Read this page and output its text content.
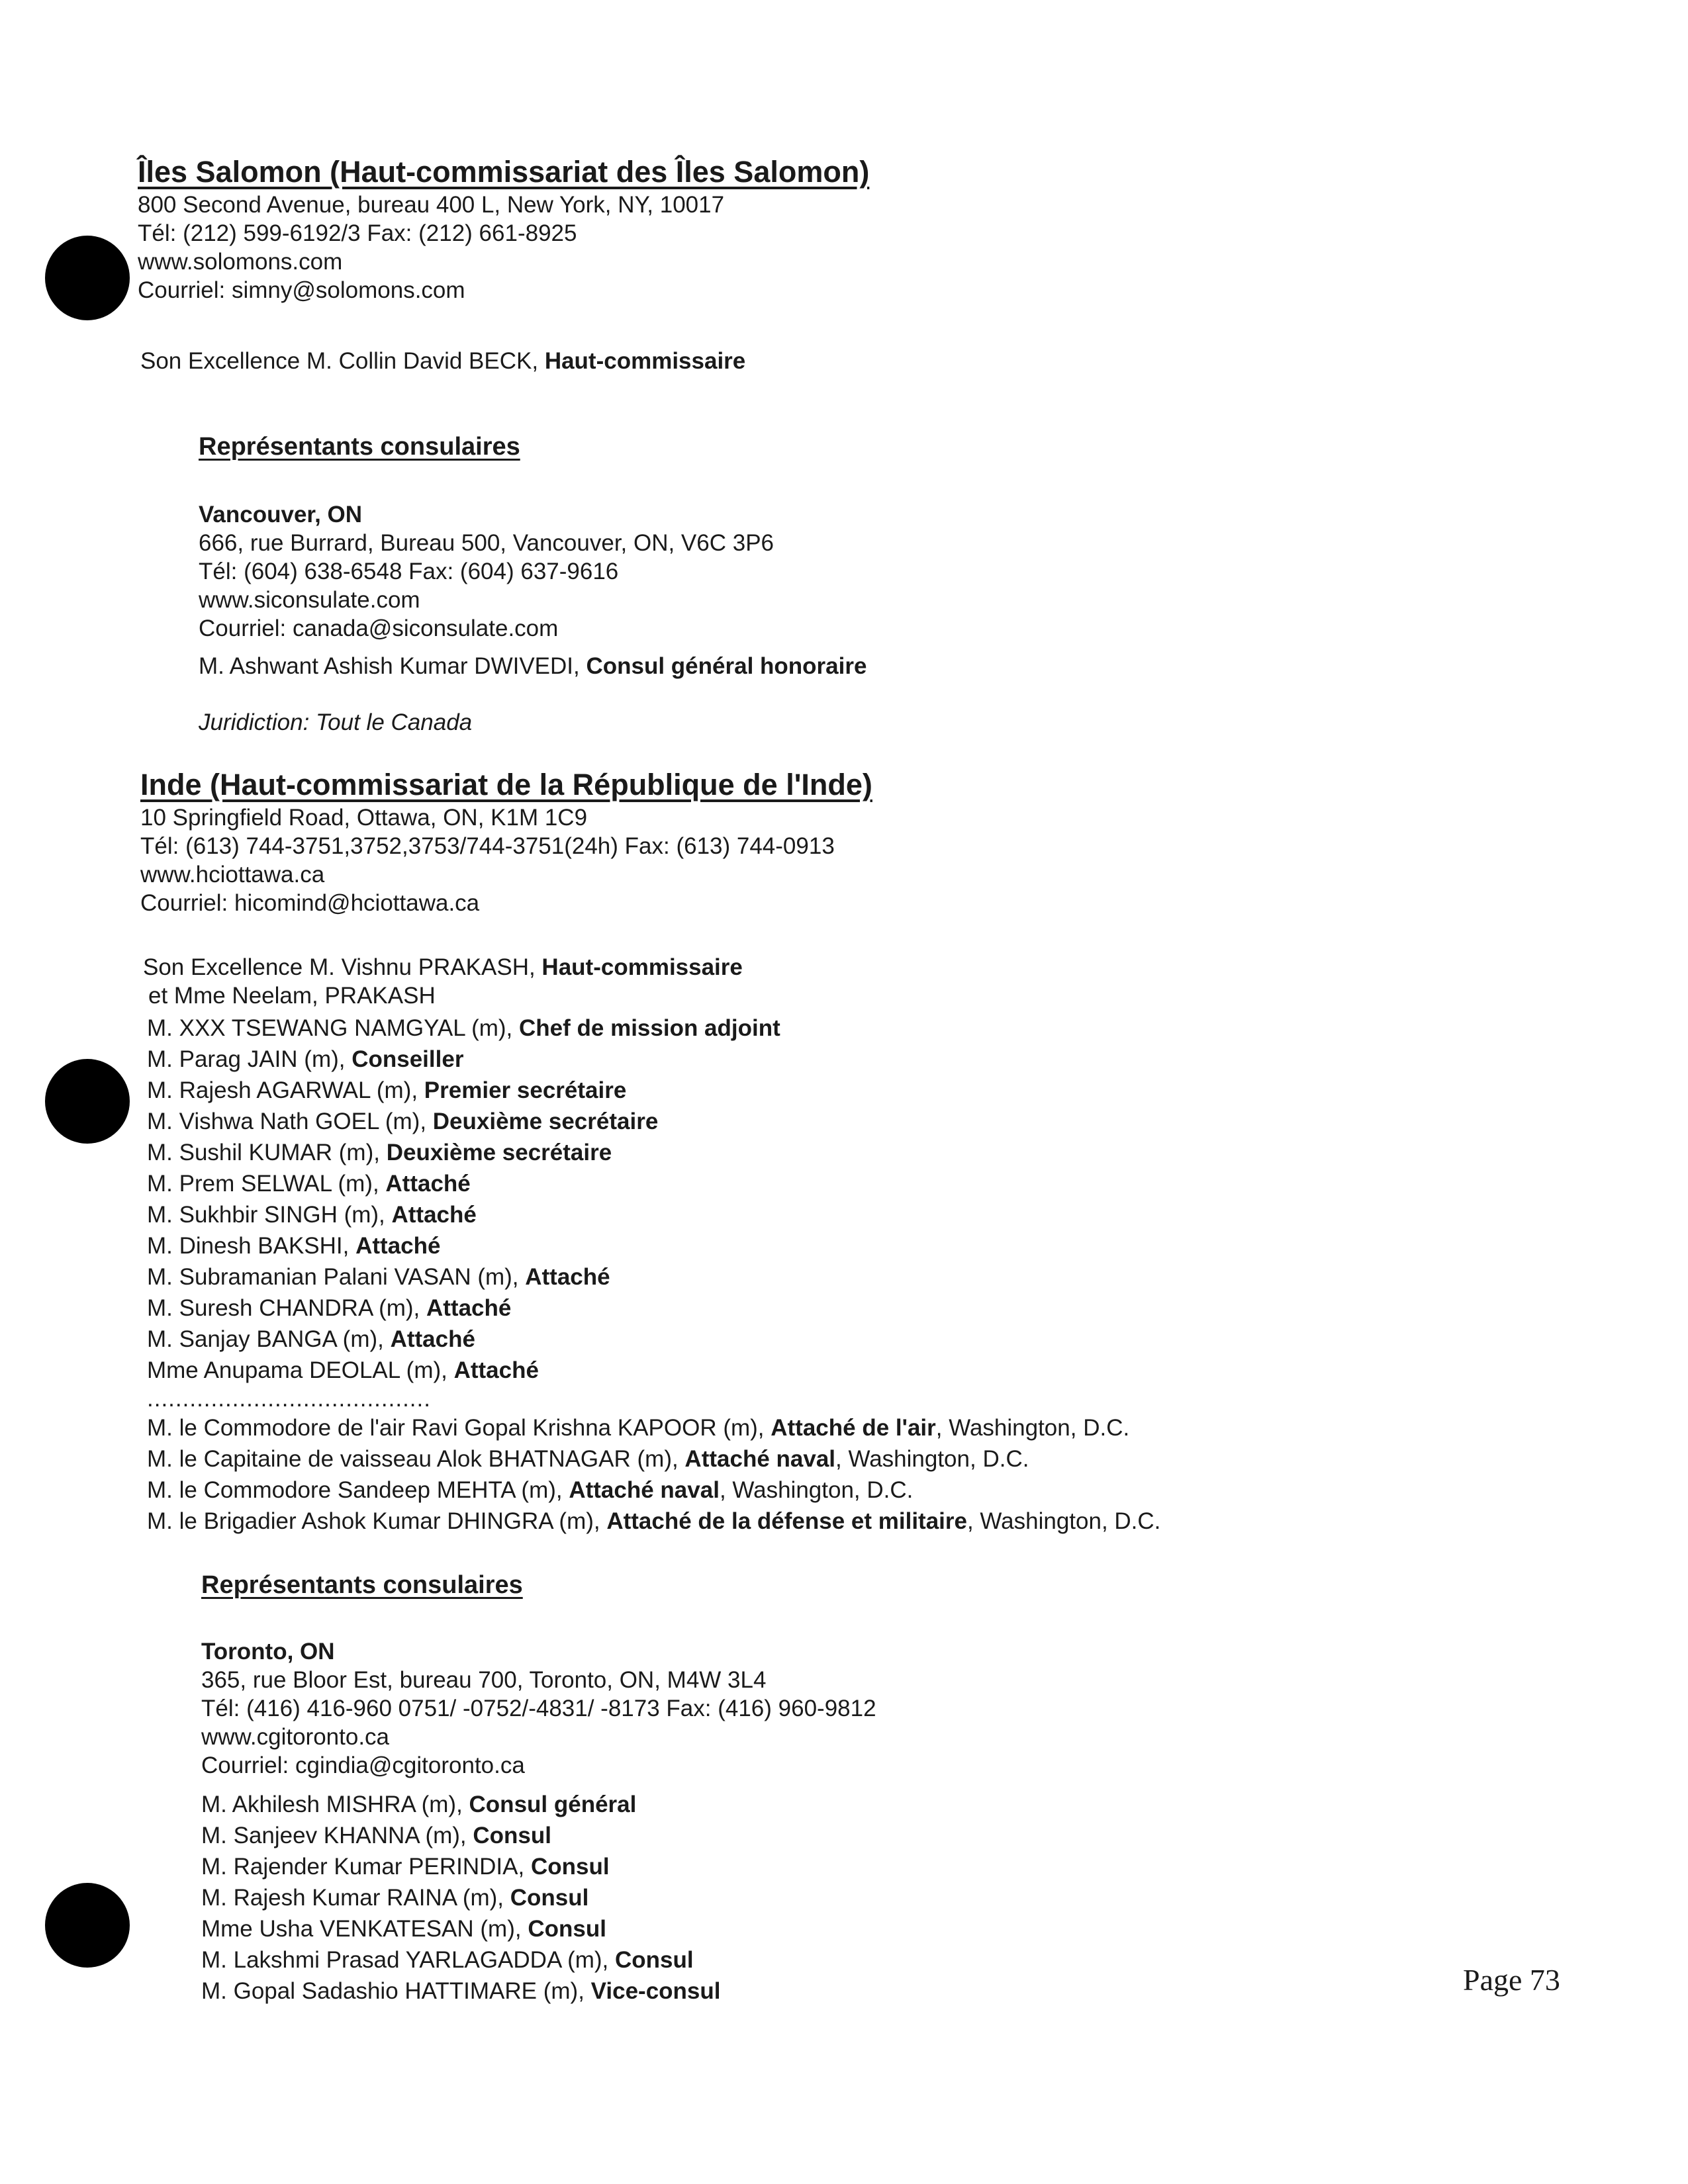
Îles Salomon (Haut-commissariat des Îles Salomon)

800 Second Avenue, bureau 400 L, New York, NY, 10017

Tél: (212) 599-6192/3 Fax: (212) 661-8925

www.solomons.com

Courriel: simny@solomons.com

Son Excellence M. Collin David BECK, Haut-commissaire

Représentants consulaires

Vancouver, ON

666, rue Burrard, Bureau 500, Vancouver, ON, V6C 3P6

Tél: (604) 638-6548 Fax: (604) 637-9616

www.siconsulate.com

Courriel: canada@siconsulate.com

M. Ashwant Ashish Kumar DWIVEDI, Consul général honoraire

Juridiction: Tout le Canada

Inde (Haut-commissariat de la République de l'Inde)

10 Springfield Road, Ottawa, ON, K1M 1C9

Tél: (613) 744-3751,3752,3753/744-3751(24h) Fax: (613) 744-0913

www.hciottawa.ca

Courriel: hicomind@hciottawa.ca

Son Excellence M. Vishnu PRAKASH, Haut-commissaire

et Mme Neelam, PRAKASH

M. XXX TSEWANG NAMGYAL (m), Chef de mission adjoint

M. Parag JAIN (m), Conseiller

M. Rajesh AGARWAL (m), Premier secrétaire

M. Vishwa Nath GOEL (m), Deuxième secrétaire

M. Sushil KUMAR (m), Deuxième secrétaire

M. Prem SELWAL (m), Attaché

M. Sukhbir SINGH (m), Attaché

M. Dinesh BAKSHI, Attaché

M. Subramanian Palani VASAN (m), Attaché

M. Suresh CHANDRA (m), Attaché

M. Sanjay BANGA (m), Attaché

Mme Anupama DEOLAL (m), Attaché

........................................

M. le Commodore de l'air Ravi Gopal Krishna KAPOOR (m), Attaché de l'air, Washington, D.C.

M. le Capitaine de vaisseau Alok BHATNAGAR (m), Attaché naval, Washington, D.C.

M. le Commodore Sandeep MEHTA (m), Attaché naval, Washington, D.C.

M. le Brigadier Ashok Kumar DHINGRA (m), Attaché de la défense et militaire, Washington, D.C.

Représentants consulaires

Toronto, ON

365, rue Bloor Est, bureau 700, Toronto, ON, M4W 3L4

Tél: (416) 416-960 0751/ -0752/-4831/ -8173 Fax: (416) 960-9812

www.cgitoronto.ca

Courriel: cgindia@cgitoronto.ca

M. Akhilesh MISHRA (m), Consul général

M. Sanjeev KHANNA (m), Consul

M. Rajender Kumar PERINDIA, Consul

M. Rajesh Kumar RAINA (m), Consul

Mme Usha VENKATESAN (m), Consul

M. Lakshmi Prasad YARLAGADDA (m), Consul

M. Gopal Sadashio HATTIMARE (m), Vice-consul	Page 73
